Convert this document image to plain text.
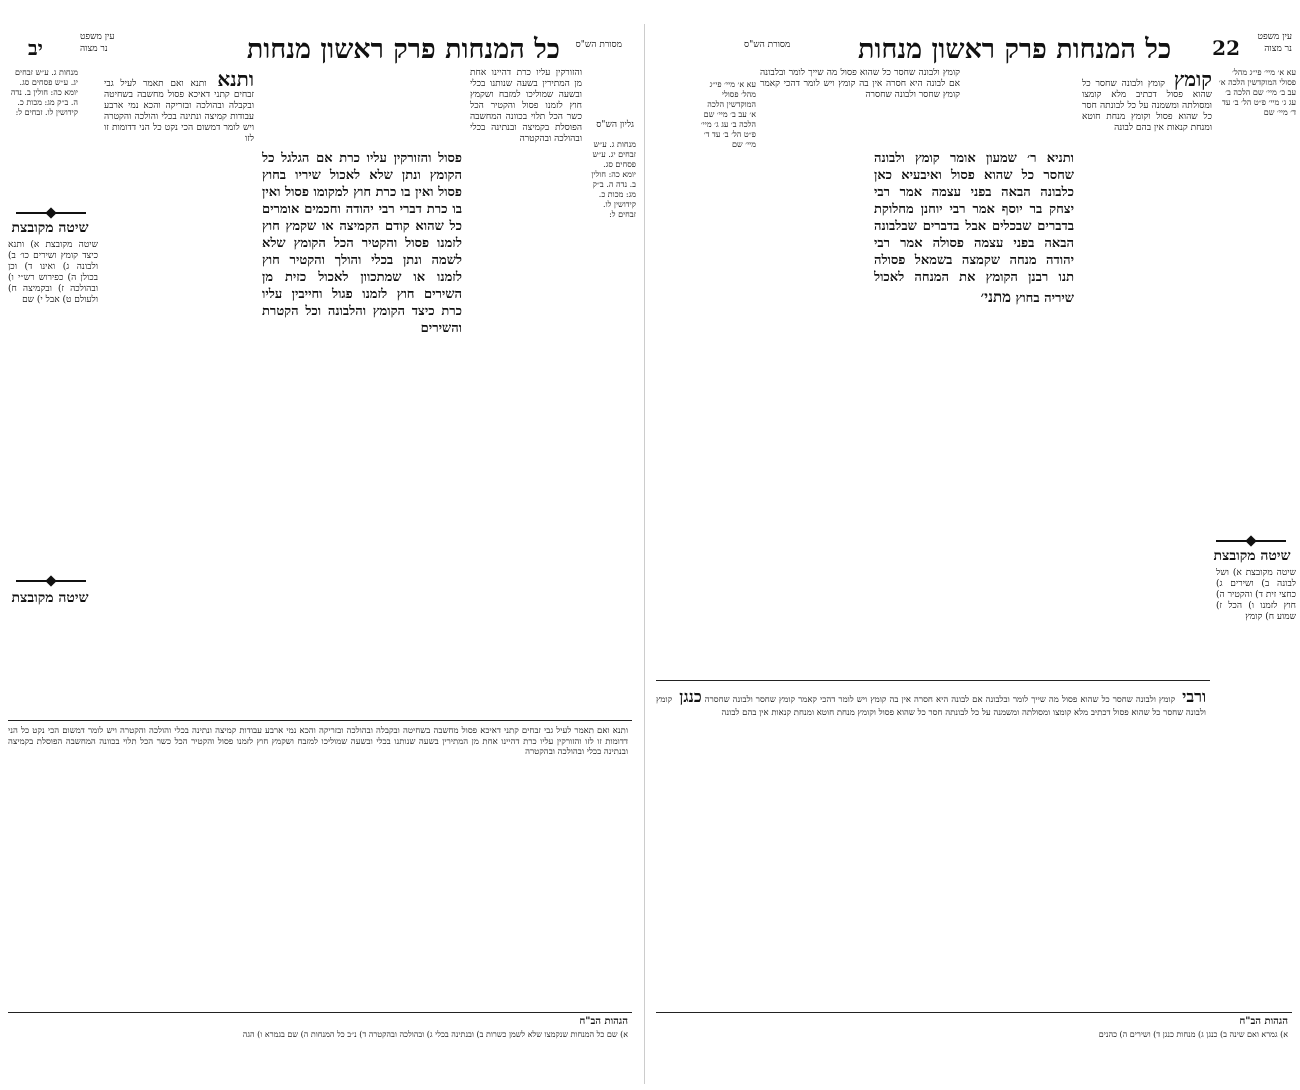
כל המנחות פרק ראשון מנחות
יב	עין משפט
נר מצוה	מסורת הש"ס
מנחות ג. ע״ש זבחים יג. ע״ש פסחים סג. יומא כה: חולין ב. נדה ה. ב״ק מג: מכות כ. קידושין לו. זבחים ל:
שיטה מקובצת
שיטה מקובצת א) ותנא כיצד קומץ ושירים כו׳ ב) ולבונה ג) ואינו ד) וכן בכולן ה) כפירוש רש״י ו) ובהולכה ז) ובקמיצה ח) ולעולם ט) אבל י) שם
שיטה מקובצת
ותנא ותנא ואם תאמר לעיל גבי זבחים קתני דאיכא פסול מחשבה בשחיטה ובקבלה ובהולכה ובזריקה והכא נמי ארבע עבודות קמיצה ונתינה בכלי והולכה והקטרה ויש לומר דמשום הכי נקט כל הני דדומות זו לזו
פסול והזורקין עליו כרת אם הגלגל כל הקומץ ונתן שלא לאכול שיריו בחוץ פסול ואין בו כרת חוץ למקומו פסול ואין בו כרת דברי רבי יהודה וחכמים אומרים כל שהוא קודם הקמיצה או שקמץ חוץ לזמנו פסול והקטיר הכל הקומץ שלא לשמה ונתן בכלי והולך והקטיר חוץ לזמנו או שמתכוון לאכול כזית מן השירים חוץ לזמנו פגול וחייבין עליו כרת כיצד הקומץ והלבונה וכל הקטרת והשירים
והזורקין עליו כרת דהיינו אחת מן המתירין בשעה שנותנו בכלי ובשעה שמוליכו למזבח ושקמץ חוץ לזמנו פסול והקטיר הכל כשר הכל תלוי בכוונה המחשבה הפוסלת בקמיצה ובנתינה בכלי ובהולכה ובהקטרה
גליון הש"ס
מנחות ג. ע״ש זבחים יג. ע״ש פסחים סג. יומא כה: חולין ב. נדה ה. ב״ק מג: מכות כ. קידושין לו. זבחים ל:
ותנא ואם תאמר לעיל גבי זבחים קתני דאיכא פסול מחשבה בשחיטה ובקבלה ובהולכה ובזריקה והכא נמי ארבע עבודות קמיצה ונתינה בכלי והולכה והקטרה ויש לומר דמשום הכי נקט כל הני דדומות זו לזו והזורקין עליו כרת דהיינו אחת מן המתירין בשעה שנותנו בכלי ובשעה שמוליכו למזבח ושקמץ חוץ לזמנו פסול והקטיר הכל כשר הכל תלוי בכוונה המחשבה הפוסלת בקמיצה ובנתינה בכלי ובהולכה ובהקטרה
הגהות הב"ח
א) שם כל המנחות שנקמצו שלא לשמן כשרות ב) ובנתינה בכלי ג) ובהולכה ובהקטרה ד) נ״ב כל המנחות ה) שם בגמרא ו) הגה
כל המנחות פרק ראשון מנחות 22 עין משפט
נר מצוה
מסורת הש"ס
עא א׳ מיי׳ פי״ג מהל׳ פסולי המוקדשין הלכה א׳ עב ב׳ מיי׳ שם הלכה ב׳ עג ג׳ מיי׳ פ״ט הל׳ ב׳ עד ד׳ מיי׳ שם
קומץ קומץ ולבונה שחסר כל שהוא פסול דכתיב מלא קומצו ומסולתה ומשמנה על כל לבונתה חסר כל שהוא פסול וקומץ מנחת חוטא ומנחת קנאות אין בהם לבונה
ותניא ר׳ שמעון אומר קומץ ולבונה שחסר כל שהוא פסול ואיבעיא כאן כלבונה הבאה בפני עצמה אמר רבי יצחק בר יוסף אמר רבי יוחנן מחלוקת בדברים שבכלים אבל בדברים שבלבונה הבאה בפני עצמה פסולה אמר רבי יהודה מנחה שקמצה בשמאל פסולה תנו רבנן הקומץ את המנחה לאכול שיריה בחוץ מתני׳
קומץ ולבונה שחסר כל שהוא פסול מה שייך לומר ובלבונה אם לבונה היא חסרה אין בה קומץ ויש לומר דהכי קאמר קומץ שחסר ולבונה שחסרה
עא א׳ מיי׳ פי״ג מהל׳ פסולי המוקדשין הלכה א׳ עב ב׳ מיי׳ שם הלכה ב׳ עג ג׳ מיי׳ פ״ט הל׳ ב׳ עד ד׳ מיי׳ שם
שיטה מקובצת
שיטה מקובצת א) ושל לבונה ב) ושירים ג) כחצי זית ד) והקטיר ה) חוץ לזמנו ו) הכל ז) שמוע ח) קומץ
ורבי קומץ ולבונה שחסר כל שהוא פסול מה שייך לומר ובלבונה אם לבונה היא חסרה אין בה קומץ ויש לומר דהכי קאמר קומץ שחסר ולבונה שחסרה כנגן קומץ ולבונה שחסר כל שהוא פסול דכתיב מלא קומצו ומסולתה ומשמנה על כל לבונתה חסר כל שהוא פסול וקומץ מנחת חוטא ומנחת קנאות אין בהם לבונה
הגהות הב"ח
א) גמרא ואם שינה ב) כנגן ג) מנחות כנגן ד) ושירים ה) כהנים
